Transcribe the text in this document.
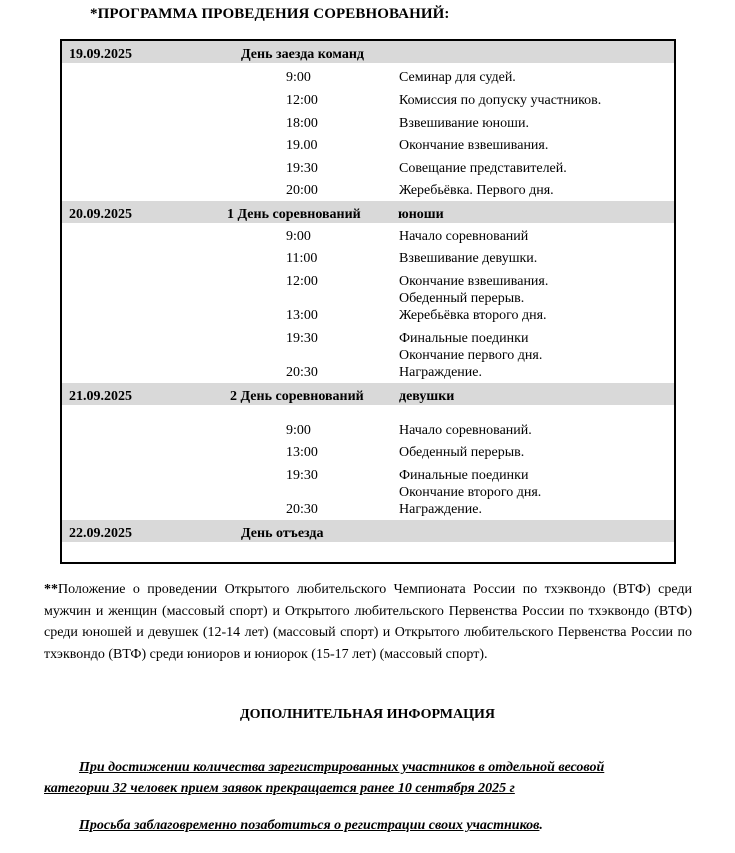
*ПРОГРАММА ПРОВЕДЕНИЯ СОРЕВНОВАНИЙ:
19.09.2025	День заезда команд
9:00	Семинар для судей.
12:00	Комиссия по допуску участников.
18:00	Взвешивание юноши.
19.00	Окончание взвешивания.
19:30	Совещание представителей.
20:00	Жеребьёвка. Первого дня.
20.09.2025	1 День соревнований	юноши
9:00	Начало соревнований
11:00	Взвешивание девушки.
12:00	Окончание взвешивания.
Обеденный перерыв.
13:00	Жеребьёвка второго дня.
19:30	Финальные поединки
Окончание первого дня.
20:30	Награждение.
21.09.2025	2 День соревнований	девушки
9:00	Начало соревнований.
13:00	Обеденный перерыв.
19:30	Финальные поединки
Окончание второго дня.
20:30	Награждение.
22.09.2025	День отъезда
**Положение о проведении Открытого любительского Чемпионата России по тхэквондо (ВТФ) среди мужчин и женщин (массовый спорт) и Открытого любительского Первенства России по тхэквондо (ВТФ) среди юношей и девушек (12-14 лет) (массовый спорт) и Открытого любительского Первенства России по тхэквондо (ВТФ) среди юниоров и юниорок (15-17 лет) (массовый спорт).
ДОПОЛНИТЕЛЬНАЯ ИНФОРМАЦИЯ
При достижении количества зарегистрированных участников в отдельной весовой
категории 32 человек прием заявок прекращается ранее 10 сентября 2025 г
Просьба заблаговременно позаботиться о регистрации своих участников.
